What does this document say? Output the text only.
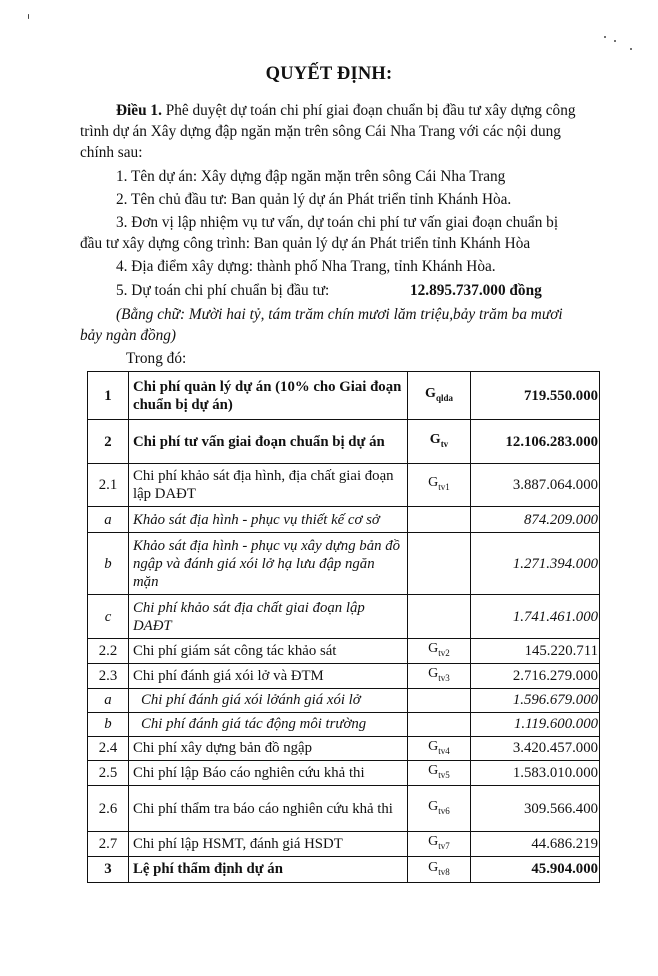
QUYẾT ĐỊNH:
Điều 1. Phê duyệt dự toán chi phí giai đoạn chuẩn bị đầu tư xây dựng công
trình dự án Xây dựng đập ngăn mặn trên sông Cái Nha Trang với các nội dung
chính sau:
1. Tên dự án: Xây dựng đập ngăn mặn trên sông Cái Nha Trang
2. Tên chủ đầu tư: Ban quản lý dự án Phát triển tỉnh Khánh Hòa.
3. Đơn vị lập nhiệm vụ tư vấn, dự toán chi phí tư vấn giai đoạn chuẩn bị
đầu tư xây dựng công trình: Ban quản lý dự án Phát triển tỉnh Khánh Hòa
4. Địa điểm xây dựng: thành phố Nha Trang, tỉnh Khánh Hòa.
5. Dự toán chi phí chuẩn bị đầu tư:	12.895.737.000 đồng
(Bằng chữ: Mười hai tỷ, tám trăm chín mươi lăm triệu,bảy trăm ba mươi
bảy ngàn đồng)
Trong đó:
1	Chi phí quản lý dự án (10% cho Giai đoạn chuẩn bị dự án)	$G_{qlda}$	719.550.000
2	Chi phí tư vấn giai đoạn chuẩn bị dự án	$G_{tv}$	12.106.283.000
2.1	Chi phí khảo sát địa hình, địa chất giai đoạn lập DAĐT	$G_{tv1}$	3.887.064.000
a	Khảo sát địa hình - phục vụ thiết kế cơ sở		874.209.000
b	Khảo sát địa hình - phục vụ xây dựng bản đồ ngập và đánh giá xói lở hạ lưu đập ngăn mặn		1.271.394.000
c	Chi phí khảo sát địa chất giai đoạn lập DAĐT		1.741.461.000
2.2	Chi phí giám sát công tác khảo sát	$G_{tv2}$	145.220.711
2.3	Chi phí đánh giá xói lở và ĐTM	$G_{tv3}$	2.716.279.000
a	Chi phí đánh giá xói lởánh giá xói lở		1.596.679.000
b	Chi phí đánh giá tác động môi trường		1.119.600.000
2.4	Chi phí xây dựng bản đồ ngập	$G_{tv4}$	3.420.457.000
2.5	Chi phí lập Báo cáo nghiên cứu khả thi	$G_{tv5}$	1.583.010.000
2.6	Chi phí thẩm tra báo cáo nghiên cứu khả thi	$G_{tv6}$	309.566.400
2.7	Chi phí lập HSMT, đánh giá HSDT	$G_{tv7}$	44.686.219
3	Lệ phí thẩm định dự án	$G_{tv8}$	45.904.000
